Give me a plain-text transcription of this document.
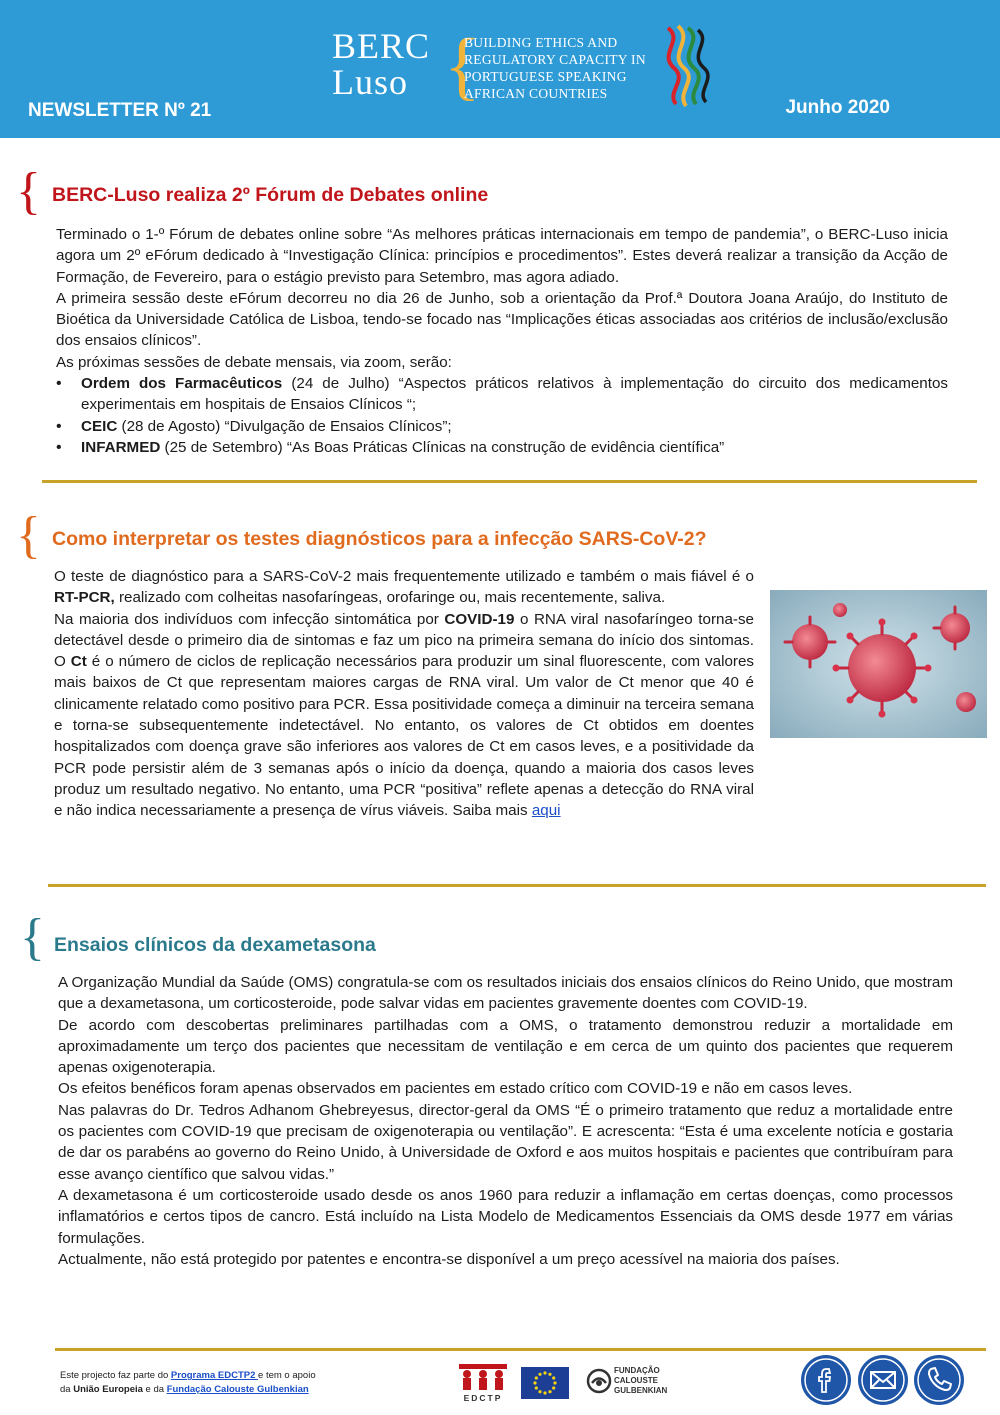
BERC
Luso {
BUILDING ETHICS AND
REGULATORY CAPACITY IN
PORTUGUESE SPEAKING
AFRICAN COUNTRIES
NEWSLETTER Nº 21	Junho 2020
{ BERC-Luso realiza 2º Fórum de Debates online

Terminado o 1-º Fórum de debates online sobre “As melhores práticas internacionais em tempo de pandemia”, o BERC-Luso inicia agora um 2º eFórum dedicado à “Investigação Clínica: princípios e procedimentos”. Estes deverá realizar a transição da Acção de Formação, de Fevereiro, para o estágio previsto para Setembro, mas agora adiado.

A primeira sessão deste eFórum decorreu no dia 26 de Junho, sob a orientação da Prof.ª Doutora Joana Araújo, do Instituto de Bioética da Universidade Católica de Lisboa, tendo-se focado nas “Implicações éticas associadas aos critérios de inclusão/exclusão dos ensaios clínicos”.

As próximas sessões de debate mensais, via zoom, serão:

• Ordem dos Farmacêuticos (24 de Julho) “Aspectos práticos relativos à implementação do circuito dos medicamentos experimentais em hospitais de Ensaios Clínicos “;
• CEIC (28 de Agosto) “Divulgação de Ensaios Clínicos”;
• INFARMED (25 de Setembro) “As Boas Práticas Clínicas na construção de evidência científica”
{ Como interpretar os testes diagnósticos para a infecção SARS-CoV-2?

O teste de diagnóstico para a SARS-CoV-2 mais frequentemente utilizado e também o mais fiável é o RT-PCR, realizado com colheitas nasofaríngeas, orofaringe ou, mais recentemente, saliva.

Na maioria dos indivíduos com infecção sintomática por COVID-19 o RNA viral nasofaríngeo torna-se detectável desde o primeiro dia de sintomas e faz um pico na primeira semana do início dos sintomas. O Ct é o número de ciclos de replicação necessários para produzir um sinal fluorescente, com valores mais baixos de Ct que representam maiores cargas de RNA viral. Um valor de Ct menor que 40 é clinicamente relatado como positivo para PCR. Essa positividade começa a diminuir na terceira semana e torna-se subsequentemente indetectável. No entanto, os valores de Ct obtidos em doentes hospitalizados com doença grave são inferiores aos valores de Ct em casos leves, e a positividade da PCR pode persistir além de 3 semanas após o início da doença, quando a maioria dos casos leves produz um resultado negativo. No entanto, uma PCR “positiva” reflete apenas a detecção do RNA viral e não indica necessariamente a presença de vírus viáveis. Saiba mais aqui

{ Ensaios clínicos da dexametasona

A Organização Mundial da Saúde (OMS) congratula-se com os resultados iniciais dos ensaios clínicos do Reino Unido, que mostram que a dexametasona, um corticosteroide, pode salvar vidas em pacientes gravemente doentes com COVID-19.

De acordo com descobertas preliminares partilhadas com a OMS, o tratamento demonstrou reduzir a mortalidade em aproximadamente um terço dos pacientes que necessitam de ventilação e em cerca de um quinto dos pacientes que requerem apenas oxigenoterapia.

Os efeitos benéficos foram apenas observados em pacientes em estado crítico com COVID-19 e não em casos leves.

Nas palavras do Dr. Tedros Adhanom Ghebreyesus, director-geral da OMS “É o primeiro tratamento que reduz a mortalidade entre os pacientes com COVID-19 que precisam de oxigenoterapia ou ventilação”. E acrescenta: “Esta é uma excelente notícia e gostaria de dar os parabéns ao governo do Reino Unido, à Universidade de Oxford e aos muitos hospitais e pacientes que contribuíram para esse avanço científico que salvou vidas.”

A dexametasona é um corticosteroide usado desde os anos 1960 para reduzir a inflamação em certas doenças, como processos inflamatórios e certos tipos de cancro. Está incluído na Lista Modelo de Medicamentos Essenciais da OMS desde 1977 em várias formulações.

Actualmente, não está protegido por patentes e encontra-se disponível a um preço acessível na maioria dos países.

Este projecto faz parte do Programa EDCTP2 e tem o apoio
da União Europeia e da Fundação Calouste Gulbenkian
EDCTP
FUNDAÇÃO
CALOUSTE
GULBENKIAN
